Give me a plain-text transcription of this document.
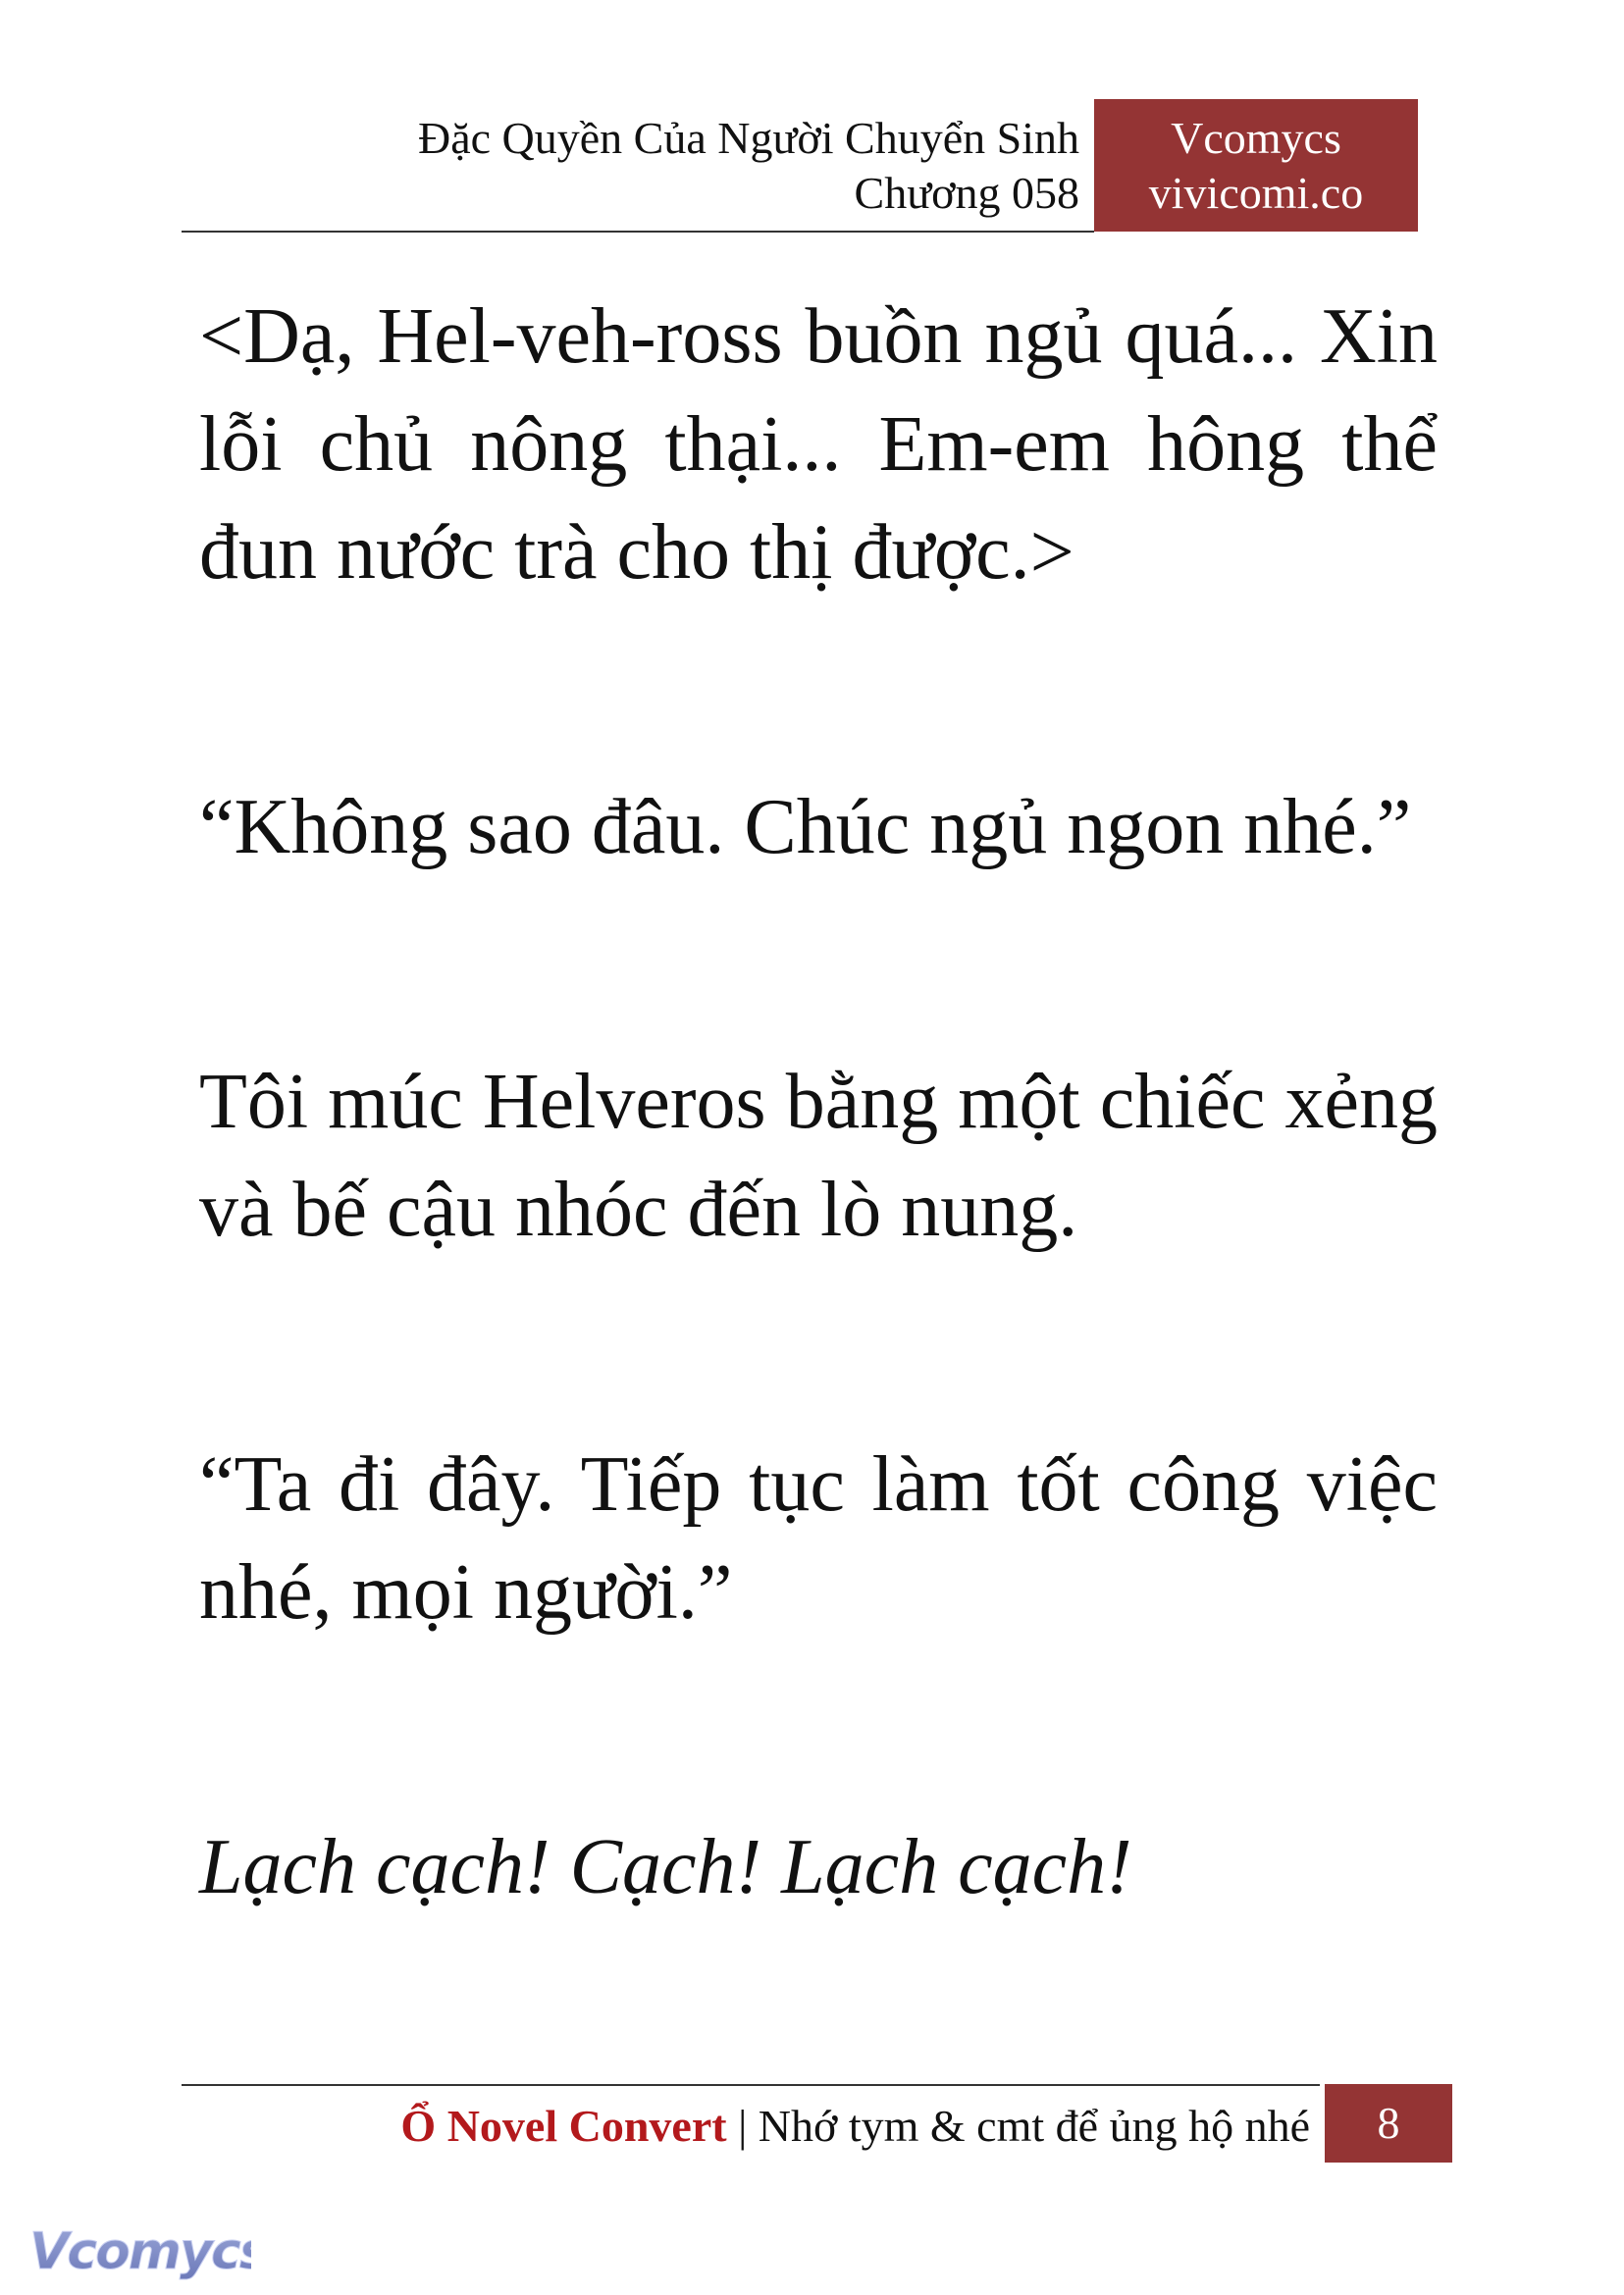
Đặc Quyền Của Người Chuyển Sinh
Chương 058
Vcomycs
vivicomi.co

<Dạ, Hel-veh-ross buồn ngủ quá... Xin lỗi chủ nông thại... Em-em hông thể đun nước trà cho thị được.>

“Không sao đâu. Chúc ngủ ngon nhé.”

Tôi múc Helveros bằng một chiếc xẻng và bế cậu nhóc đến lò nung.

“Ta đi đây. Tiếp tục làm tốt công việc nhé, mọi người.”

Lạch cạch! Cạch! Lạch cạch!

Ổ Novel Convert | Nhớ tym & cmt để ủng hộ nhé	8
Vcomycs
